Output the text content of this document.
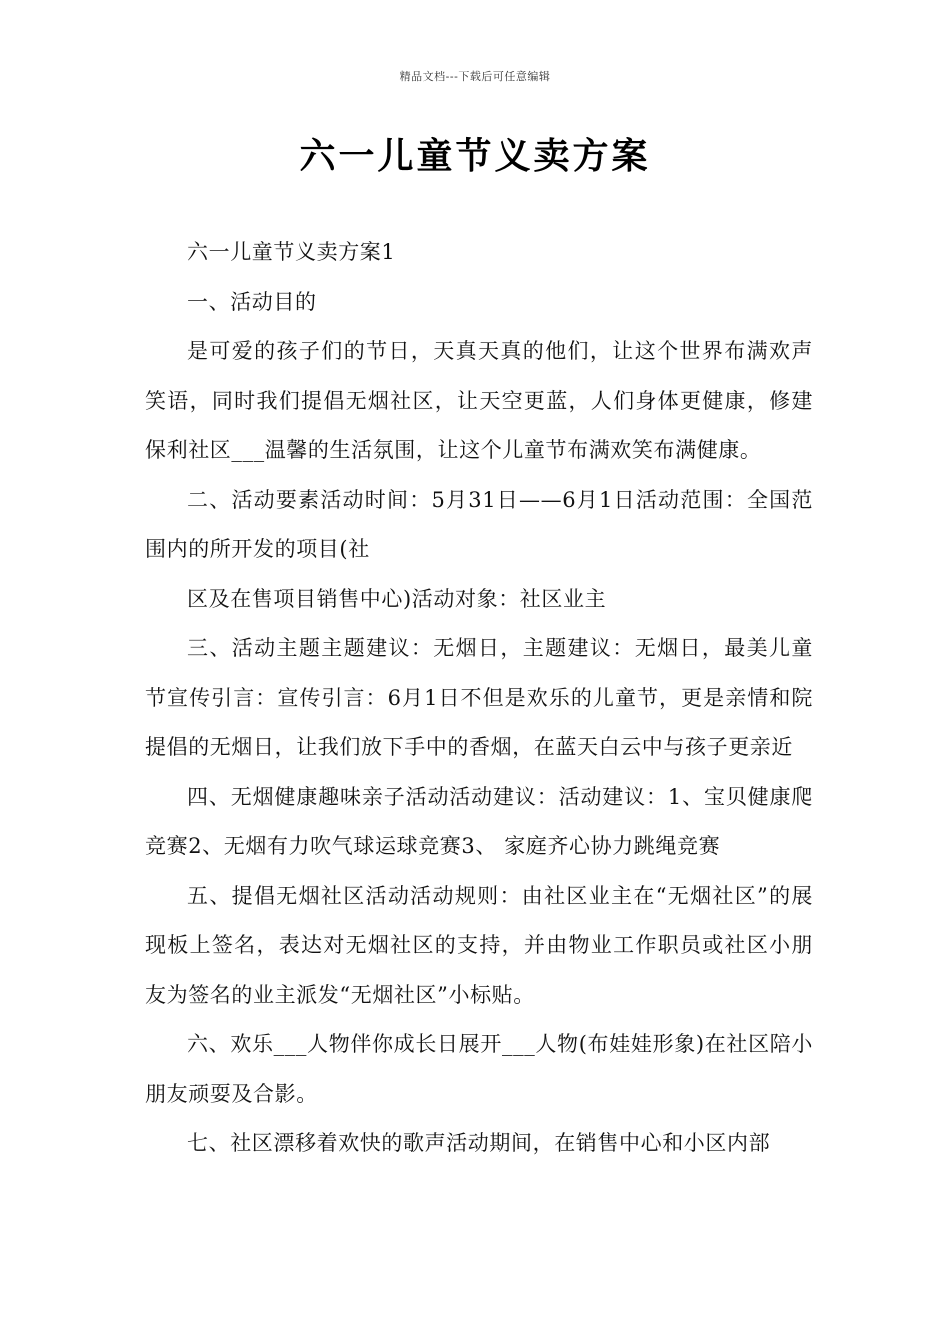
精品文档---下载后可任意编辑
六一儿童节义卖方案

六一儿童节义卖方案1

一、活动目的

是可爱的孩子们的节日，天真天真的他们，让这个世界布满欢声笑语，同时我们提倡无烟社区，让天空更蓝，人们身体更健康，修建保利社区___温馨的生活氛围，让这个儿童节布满欢笑布满健康。

二、活动要素活动时间：5月31日——6月1日活动范围：全国范围内的所开发的项目(社

区及在售项目销售中心)活动对象：社区业主

三、活动主题主题建议：无烟日，主题建议：无烟日，最美儿童节宣传引言：宣传引言：6月1日不但是欢乐的儿童节，更是亲情和院提倡的无烟日，让我们放下手中的香烟，在蓝天白云中与孩子更亲近

四、无烟健康趣味亲子活动活动建议：活动建议：1、宝贝健康爬竞赛2、无烟有力吹气球运球竞赛3、 家庭齐心协力跳绳竞赛

五、提倡无烟社区活动活动规则：由社区业主在“无烟社区”的展现板上签名，表达对无烟社区的支持，并由物业工作职员或社区小朋友为签名的业主派发“无烟社区”小标贴。

六、欢乐___人物伴你成长日展开___人物(布娃娃形象)在社区陪小朋友顽耍及合影。

七、社区漂移着欢快的歌声活动期间，在销售中心和小区内部
